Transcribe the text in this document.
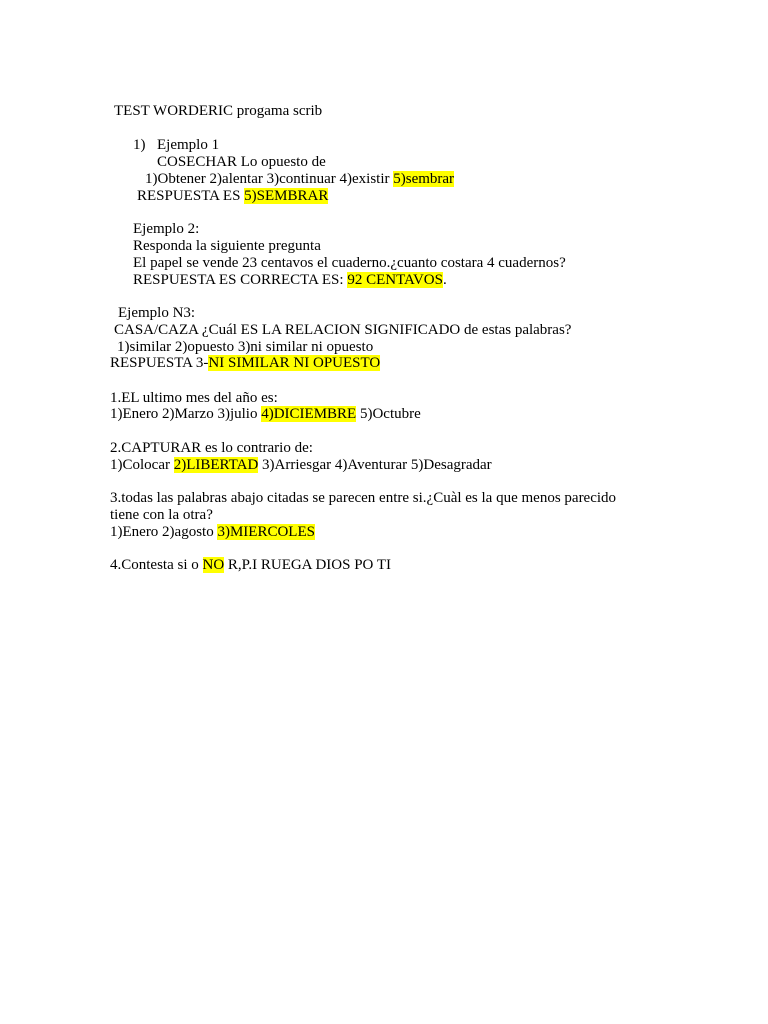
TEST WORDERIC progama scrib
1) Ejemplo 1
COSECHAR Lo opuesto de
1)Obtener 2)alentar 3)continuar 4)existir 5)sembrar
RESPUESTA ES 5)SEMBRAR
Ejemplo 2:
Responda la siguiente pregunta
El papel se vende 23 centavos el cuaderno.¿cuanto costara 4 cuadernos?
RESPUESTA ES CORRECTA ES: 92 CENTAVOS.
Ejemplo N3:
CASA/CAZA ¿Cuál ES LA RELACION SIGNIFICADO de estas palabras?
1)similar 2)opuesto 3)ni similar ni opuesto
RESPUESTA 3-NI SIMILAR NI OPUESTO
1.EL ultimo mes del año es:
1)Enero 2)Marzo 3)julio 4)DICIEMBRE 5)Octubre
2.CAPTURAR es lo contrario de:
1)Colocar 2)LIBERTAD 3)Arriesgar 4)Aventurar 5)Desagradar
3.todas las palabras abajo citadas se parecen entre si.¿Cuàl es la que menos parecido
tiene con la otra?
1)Enero 2)agosto 3)MIERCOLES
4.Contesta si o NO R,P.I RUEGA DIOS PO TI
